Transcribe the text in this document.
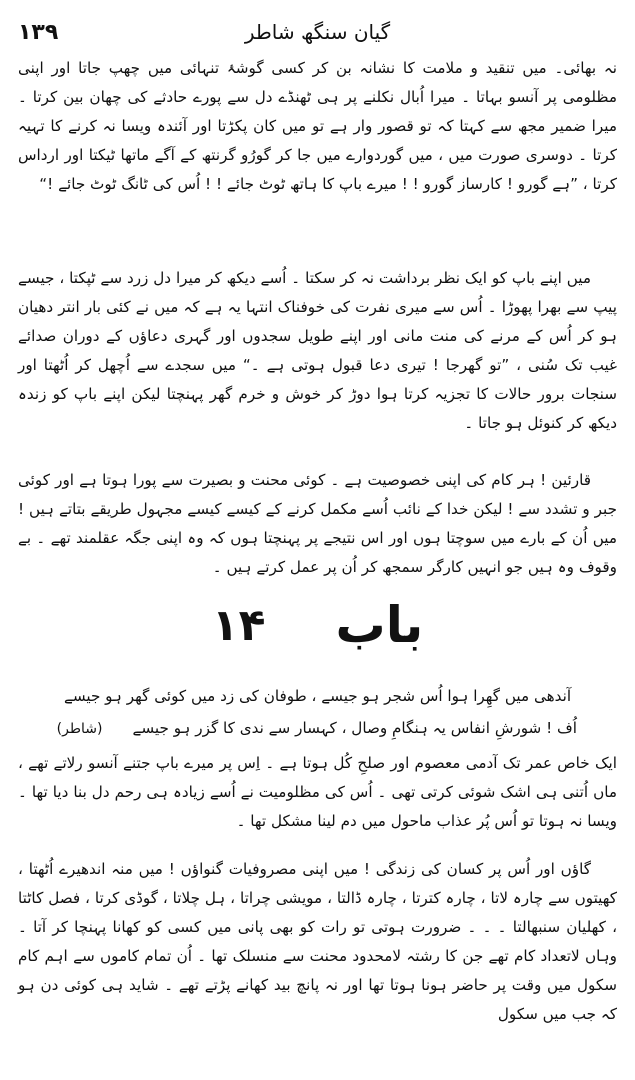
۱۳۹	گیان سنگھ شاطر

نہ بھائی۔ میں تنقید و ملامت کا نشانہ بن کر کسی گوشۂ تنہائی میں چھپ جاتا اور اپنی مظلومی پر آنسو بہاتا ۔ میرا اُبال نکلنے پر ہی ٹھنڈے دل سے پورے حادثے کی چھان بین کرتا ۔ میرا ضمیر مجھ سے کہتا کہ تو قصور وار ہے تو میں کان پکڑتا اور آئندہ ویسا نہ کرنے کا تہیہ کرتا ۔ دوسری صورت میں ، میں گوردوارے میں جا کر گورُو گرنتھ کے آگے ماتھا ٹیکتا اور ارداس کرتا ، ”ہے گورو ! کارساز گورو ! ! میرے باپ کا ہاتھ ٹوٹ جائے ! ! اُس کی ٹانگ ٹوٹ جائے !“

میں اپنے باپ کو ایک نظر برداشت نہ کر سکتا ۔ اُسے دیکھ کر میرا دل زرد سے ٹپکتا ، جیسے پیپ سے بھرا پھوڑا ۔ اُس سے میری نفرت کی خوفناک انتہا یہ ہے کہ میں نے کئی بار انتر دھیان ہو کر اُس کے مرنے کی منت مانی اور اپنے طویل سجدوں اور گہری دعاؤں کے دوران صدائے غیب تک سُنی ، ”تو گھرجا ! تیری دعا قبول ہوتی ہے ۔“ میں سجدے سے اُچھل کر اُٹھتا اور سنجات برور حالات کا تجزیہ کرتا ہوا دوڑ کر خوش و خرم گھر پہنچتا لیکن اپنے باپ کو زندہ دیکھ کر کنوئل ہو جاتا ۔

قارئین ! ہر کام کی اپنی خصوصیت ہے ۔ کوئی محنت و بصیرت سے پورا ہوتا ہے اور کوئی جبر و تشدد سے ! لیکن خدا کے نائب اُسے مکمل کرنے کے کیسے کیسے مجہول طریقے بتاتے ہیں ! میں اُن کے بارے میں سوچتا ہوں اور اس نتیجے پر پہنچتا ہوں کہ وہ اپنی جگہ عقلمند تھے ۔ بے وقوف وہ ہیں جو انہیں کارگر سمجھ کر اُن پر عمل کرتے ہیں ۔

باب
۱۴
آندھی میں گھِرا ہوا اُس شجر ہو جیسے ، طوفان کی زد میں کوئی گھر ہو جیسے
اُف ! شورشِ انفاس یہ ہنگامِ وصال ، کہسار سے ندی کا گزر ہو جیسے(شاطر)

ایک خاص عمر تک آدمی معصوم اور صلحِ کُل ہوتا ہے ۔ اِس پر میرے باپ جتنے آنسو رلاتے تھے ، ماں اُتنی ہی اشک شوئی کرتی تھی ۔ اُس کی مظلومیت نے اُسے زیادہ ہی رحم دل بنا دیا تھا ۔ ویسا نہ ہوتا تو اُس پُر عذاب ماحول میں دم لینا مشکل تھا ۔

گاؤں اور اُس پر کسان کی زندگی ! میں اپنی مصروفیات گنواؤں ! میں منہ اندھیرے اُٹھتا ، کھیتوں سے چارہ لاتا ، چارہ کترتا ، چارہ ڈالتا ، مویشی چراتا ، ہل چلاتا ، گوڈی کرتا ، فصل کاٹتا ، کھلیان سنبھالتا ۔ ۔ ۔ ضرورت ہوتی تو رات کو بھی پانی میں کسی کو کھانا پہنچا کر آتا ۔ وہاں لاتعداد کام تھے جن کا رشتہ لامحدود محنت سے منسلک تھا ۔ اُن تمام کاموں سے اہم کام سکول میں وقت پر حاضر ہونا ہوتا تھا اور نہ پانچ بید کھانے پڑتے تھے ۔ شاید ہی کوئی دن ہو کہ جب میں سکول
